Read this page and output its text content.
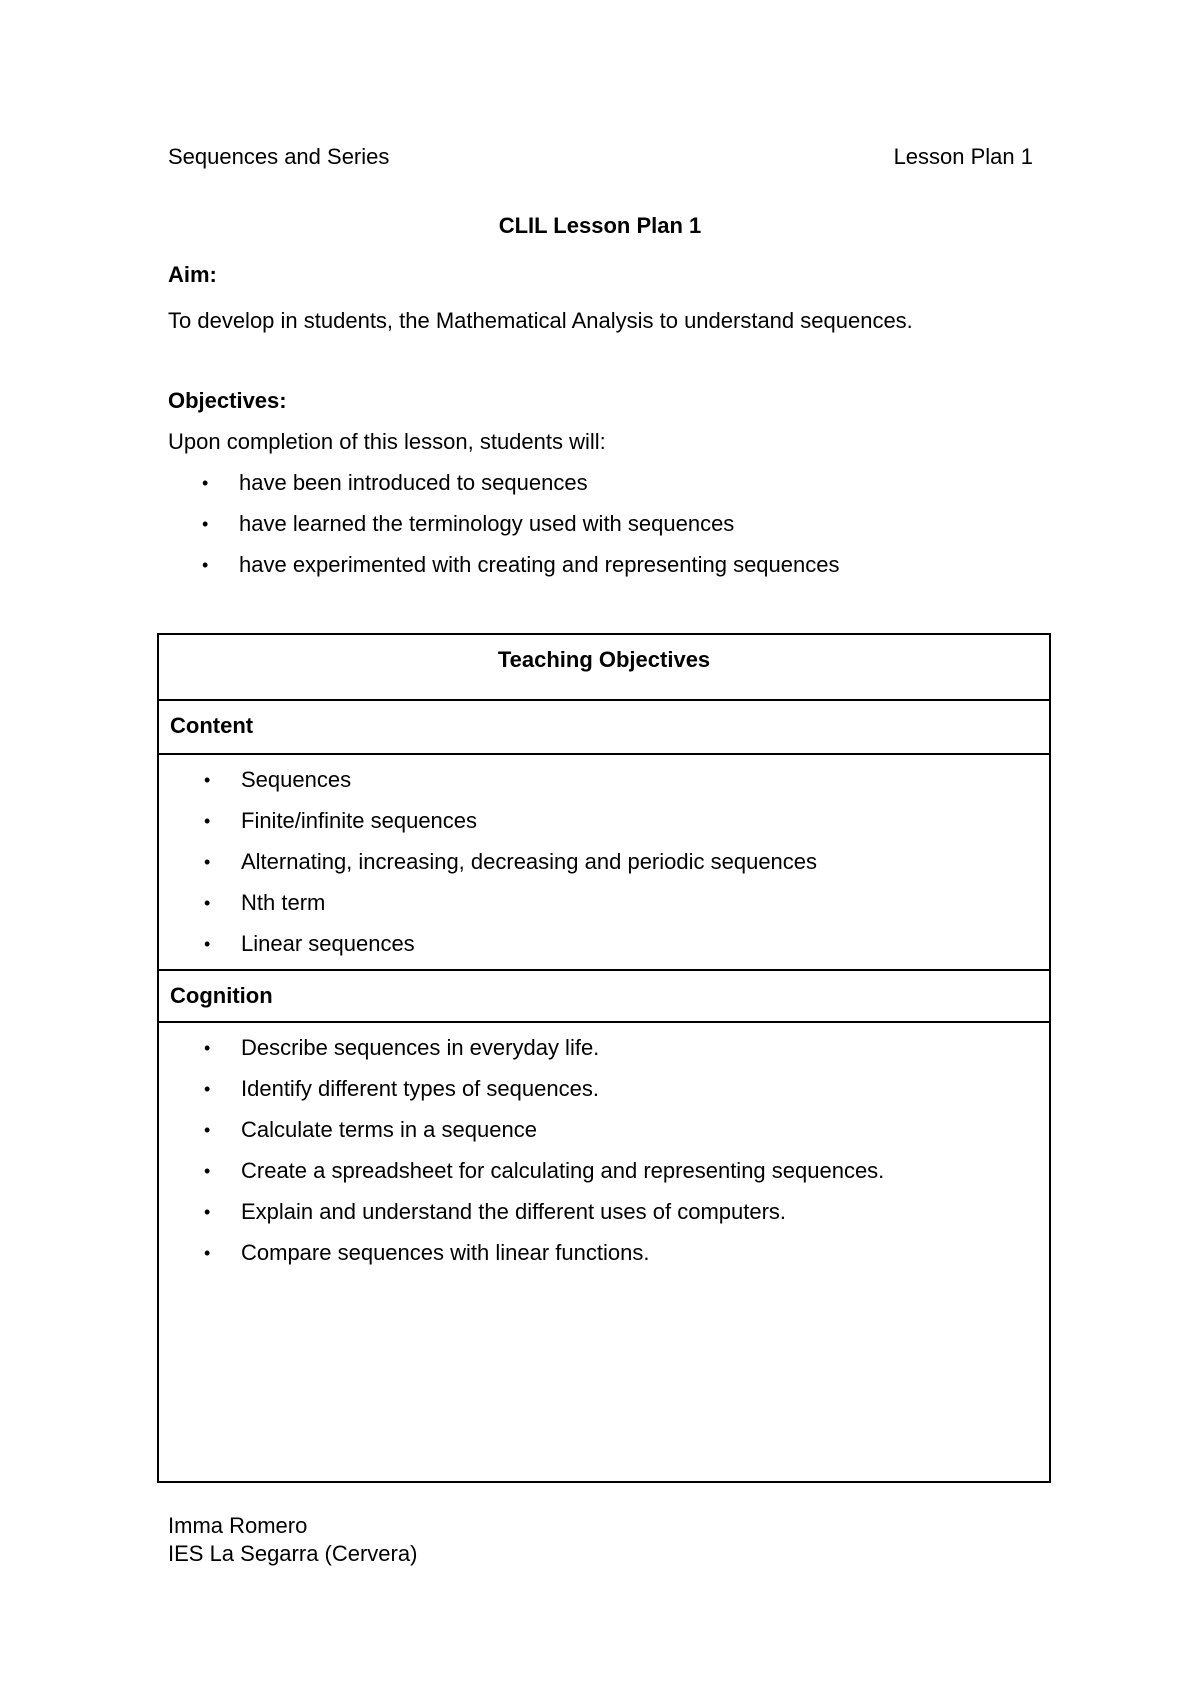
Sequences and Series	Lesson Plan 1
CLIL Lesson Plan 1
Aim:
To develop in students, the Mathematical Analysis to understand sequences.
Objectives:
Upon completion of this lesson, students will:
• have been introduced to sequences
• have learned the terminology used with sequences
• have experimented with creating and representing sequences
Teaching Objectives
Content
• Sequences
• Finite/infinite sequences
• Alternating, increasing, decreasing and periodic sequences
• Nth term
• Linear sequences
Cognition
• Describe sequences in everyday life.
• Identify different types of sequences.
• Calculate terms in a sequence
• Create a spreadsheet for calculating and representing sequences.
• Explain and understand the different uses of computers.
• Compare sequences with linear functions.
Imma Romero
IES La Segarra (Cervera)
